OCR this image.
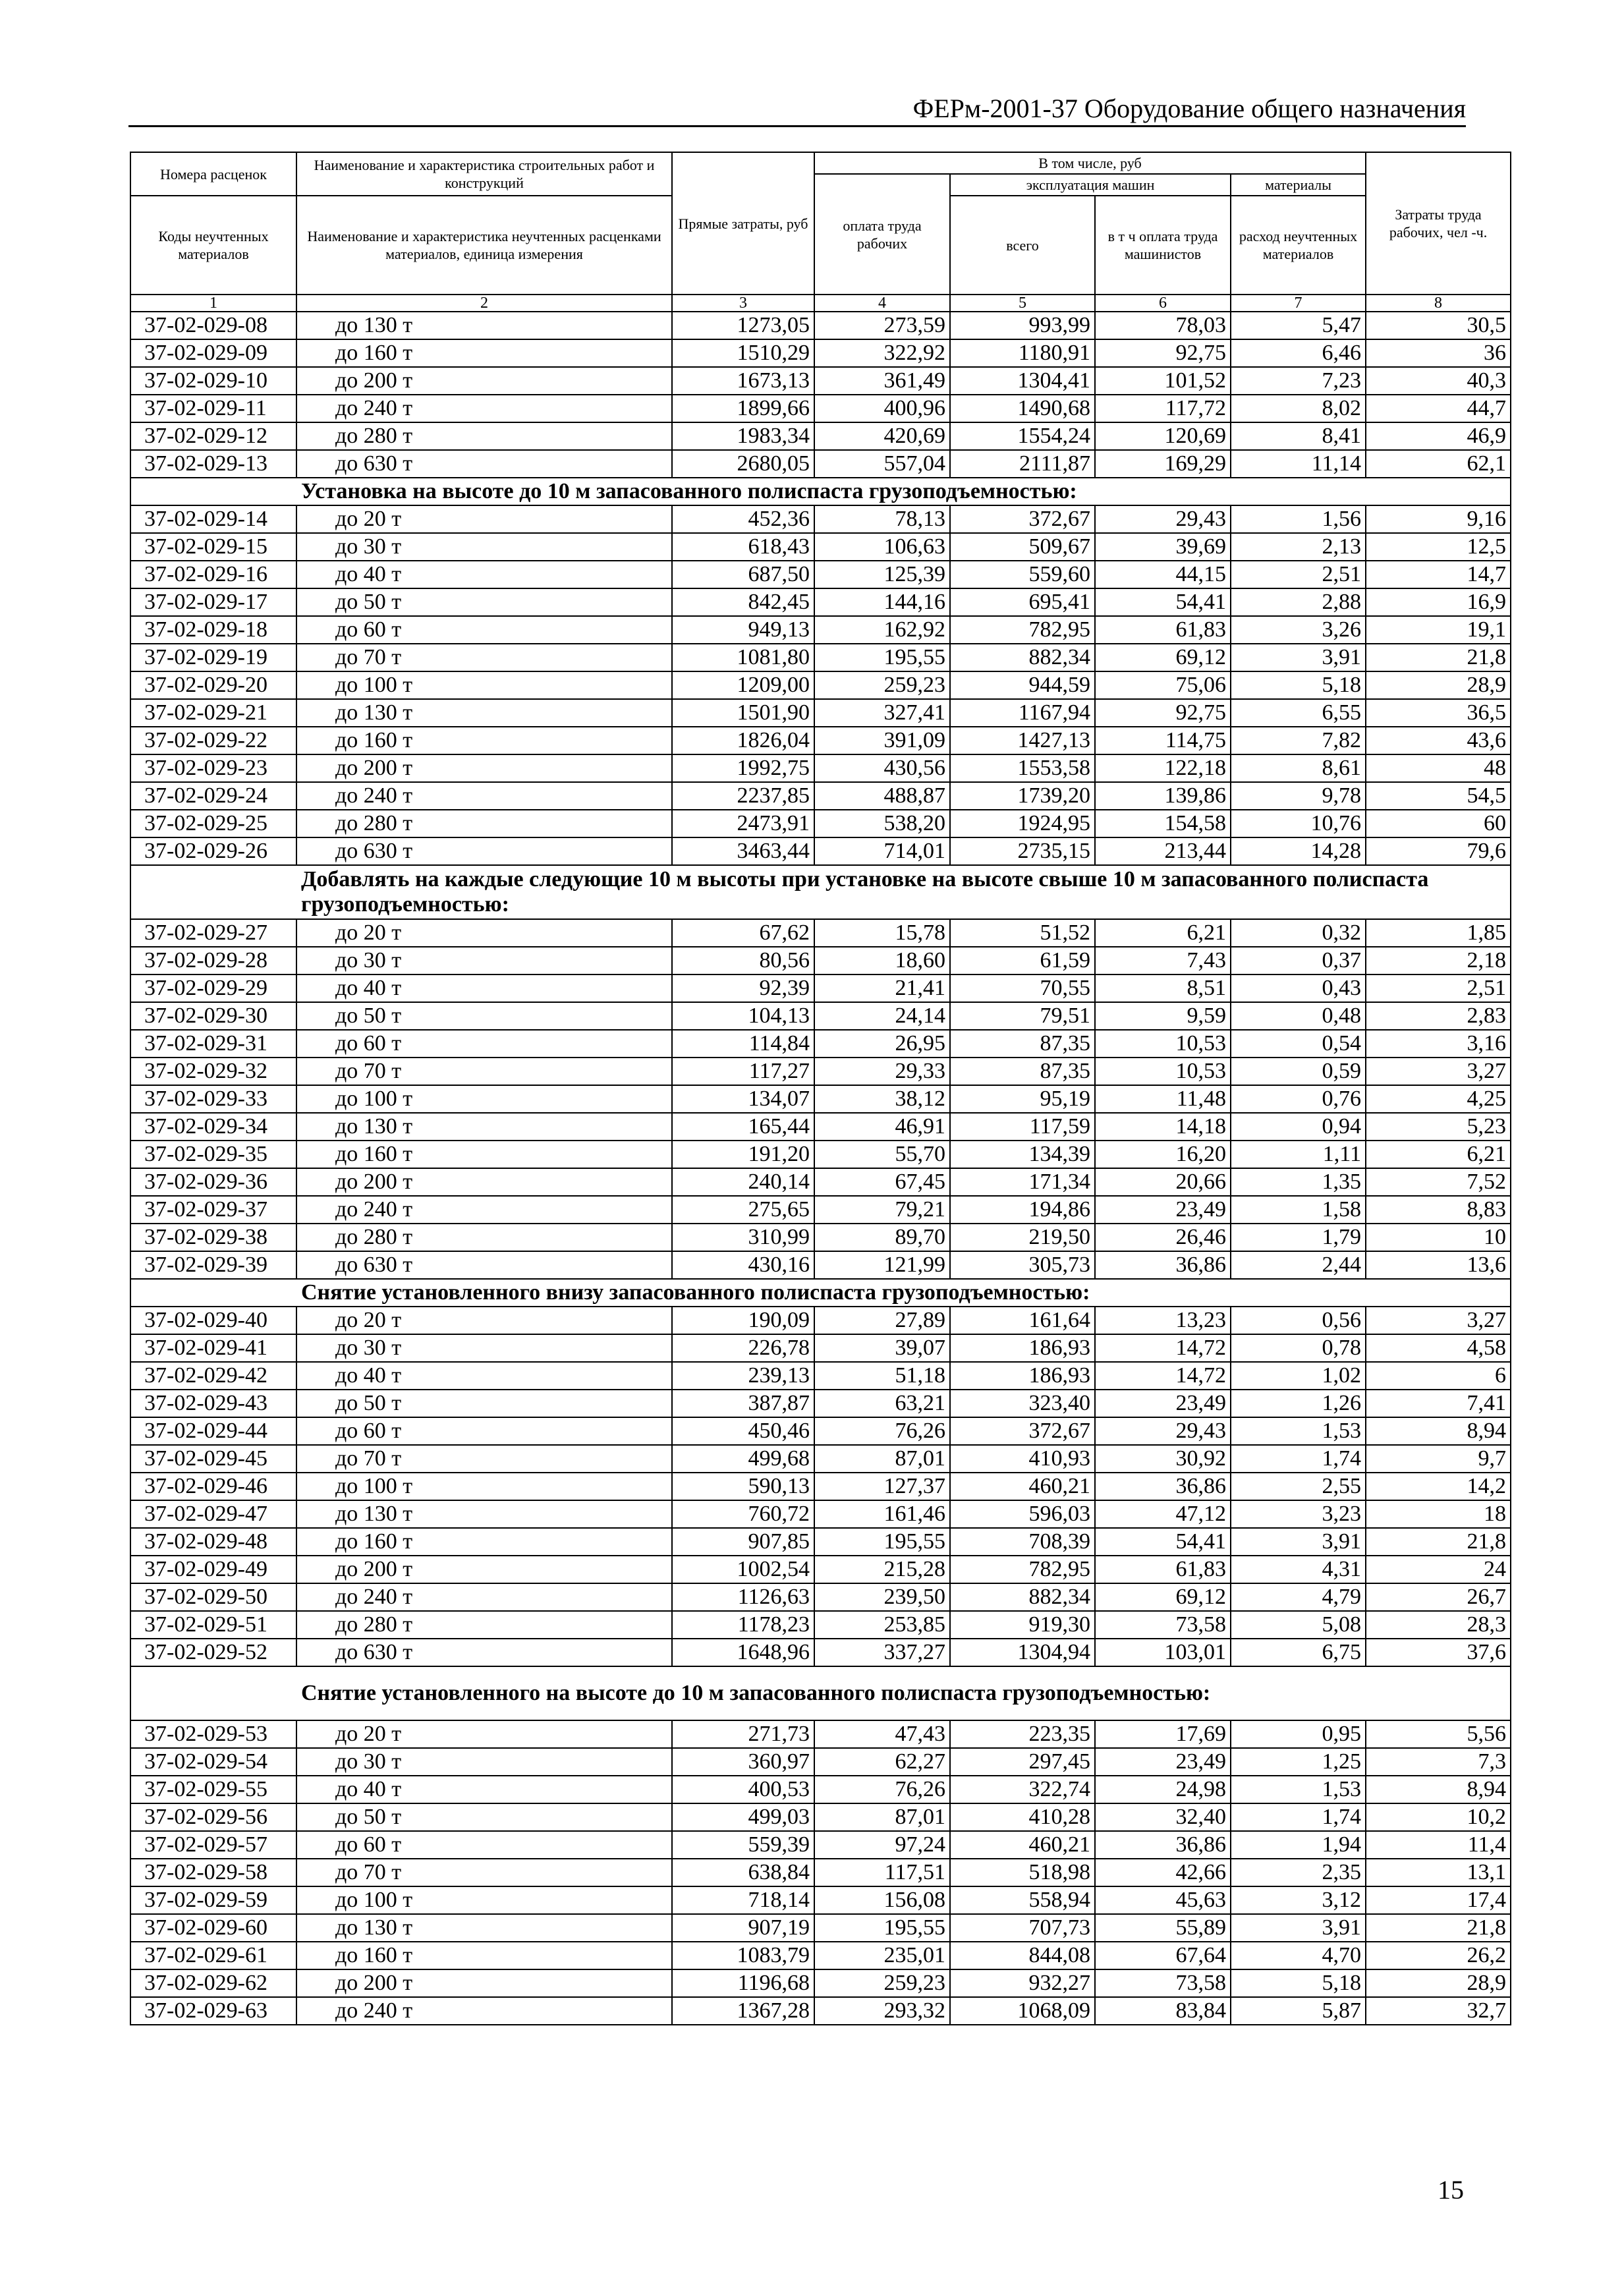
ФЕРм-2001-37 Оборудование общего назначения
Номера расценок	Наименование и характеристика строительных работ и конструкций	Прямые затраты, руб	В том числе, руб				Затраты труда рабочих, чел -ч.
			оплата труда рабочих	эксплуатация машин		материалы	
Коды неучтенных материалов	Наименование и характеристика неучтенных расценками материалов, единица измерения			всего	в т ч оплата труда машинистов	расход неучтенных материалов	
1	2	3	4	5	6	7	8
37-02-029-08	до 130 т	1273,05	273,59	993,99	78,03	5,47	30,5
37-02-029-09	до 160 т	1510,29	322,92	1180,91	92,75	6,46	36
37-02-029-10	до 200 т	1673,13	361,49	1304,41	101,52	7,23	40,3
37-02-029-11	до 240 т	1899,66	400,96	1490,68	117,72	8,02	44,7
37-02-029-12	до 280 т	1983,34	420,69	1554,24	120,69	8,41	46,9
37-02-029-13	до 630 т	2680,05	557,04	2111,87	169,29	11,14	62,1
Установка на высоте до 10 м запасованного полиспаста грузоподъемностью:							
37-02-029-14	до 20 т	452,36	78,13	372,67	29,43	1,56	9,16
37-02-029-15	до 30 т	618,43	106,63	509,67	39,69	2,13	12,5
37-02-029-16	до 40 т	687,50	125,39	559,60	44,15	2,51	14,7
37-02-029-17	до 50 т	842,45	144,16	695,41	54,41	2,88	16,9
37-02-029-18	до 60 т	949,13	162,92	782,95	61,83	3,26	19,1
37-02-029-19	до 70 т	1081,80	195,55	882,34	69,12	3,91	21,8
37-02-029-20	до 100 т	1209,00	259,23	944,59	75,06	5,18	28,9
37-02-029-21	до 130 т	1501,90	327,41	1167,94	92,75	6,55	36,5
37-02-029-22	до 160 т	1826,04	391,09	1427,13	114,75	7,82	43,6
37-02-029-23	до 200 т	1992,75	430,56	1553,58	122,18	8,61	48
37-02-029-24	до 240 т	2237,85	488,87	1739,20	139,86	9,78	54,5
37-02-029-25	до 280 т	2473,91	538,20	1924,95	154,58	10,76	60
37-02-029-26	до 630 т	3463,44	714,01	2735,15	213,44	14,28	79,6
Добавлять на каждые следующие 10 м высоты при установке на высоте свыше 10 м запасованного полиспаста грузоподъемностью:							
37-02-029-27	до 20 т	67,62	15,78	51,52	6,21	0,32	1,85
37-02-029-28	до 30 т	80,56	18,60	61,59	7,43	0,37	2,18
37-02-029-29	до 40 т	92,39	21,41	70,55	8,51	0,43	2,51
37-02-029-30	до 50 т	104,13	24,14	79,51	9,59	0,48	2,83
37-02-029-31	до 60 т	114,84	26,95	87,35	10,53	0,54	3,16
37-02-029-32	до 70 т	117,27	29,33	87,35	10,53	0,59	3,27
37-02-029-33	до 100 т	134,07	38,12	95,19	11,48	0,76	4,25
37-02-029-34	до 130 т	165,44	46,91	117,59	14,18	0,94	5,23
37-02-029-35	до 160 т	191,20	55,70	134,39	16,20	1,11	6,21
37-02-029-36	до 200 т	240,14	67,45	171,34	20,66	1,35	7,52
37-02-029-37	до 240 т	275,65	79,21	194,86	23,49	1,58	8,83
37-02-029-38	до 280 т	310,99	89,70	219,50	26,46	1,79	10
37-02-029-39	до 630 т	430,16	121,99	305,73	36,86	2,44	13,6
Снятие установленного внизу запасованного полиспаста грузоподъемностью:							
37-02-029-40	до 20 т	190,09	27,89	161,64	13,23	0,56	3,27
37-02-029-41	до 30 т	226,78	39,07	186,93	14,72	0,78	4,58
37-02-029-42	до 40 т	239,13	51,18	186,93	14,72	1,02	6
37-02-029-43	до 50 т	387,87	63,21	323,40	23,49	1,26	7,41
37-02-029-44	до 60 т	450,46	76,26	372,67	29,43	1,53	8,94
37-02-029-45	до 70 т	499,68	87,01	410,93	30,92	1,74	9,7
37-02-029-46	до 100 т	590,13	127,37	460,21	36,86	2,55	14,2
37-02-029-47	до 130 т	760,72	161,46	596,03	47,12	3,23	18
37-02-029-48	до 160 т	907,85	195,55	708,39	54,41	3,91	21,8
37-02-029-49	до 200 т	1002,54	215,28	782,95	61,83	4,31	24
37-02-029-50	до 240 т	1126,63	239,50	882,34	69,12	4,79	26,7
37-02-029-51	до 280 т	1178,23	253,85	919,30	73,58	5,08	28,3
37-02-029-52	до 630 т	1648,96	337,27	1304,94	103,01	6,75	37,6
Снятие установленного на высоте до 10 м запасованного полиспаста грузоподъемностью:							
37-02-029-53	до 20 т	271,73	47,43	223,35	17,69	0,95	5,56
37-02-029-54	до 30 т	360,97	62,27	297,45	23,49	1,25	7,3
37-02-029-55	до 40 т	400,53	76,26	322,74	24,98	1,53	8,94
37-02-029-56	до 50 т	499,03	87,01	410,28	32,40	1,74	10,2
37-02-029-57	до 60 т	559,39	97,24	460,21	36,86	1,94	11,4
37-02-029-58	до 70 т	638,84	117,51	518,98	42,66	2,35	13,1
37-02-029-59	до 100 т	718,14	156,08	558,94	45,63	3,12	17,4
37-02-029-60	до 130 т	907,19	195,55	707,73	55,89	3,91	21,8
37-02-029-61	до 160 т	1083,79	235,01	844,08	67,64	4,70	26,2
37-02-029-62	до 200 т	1196,68	259,23	932,27	73,58	5,18	28,9
37-02-029-63	до 240 т	1367,28	293,32	1068,09	83,84	5,87	32,7
15
